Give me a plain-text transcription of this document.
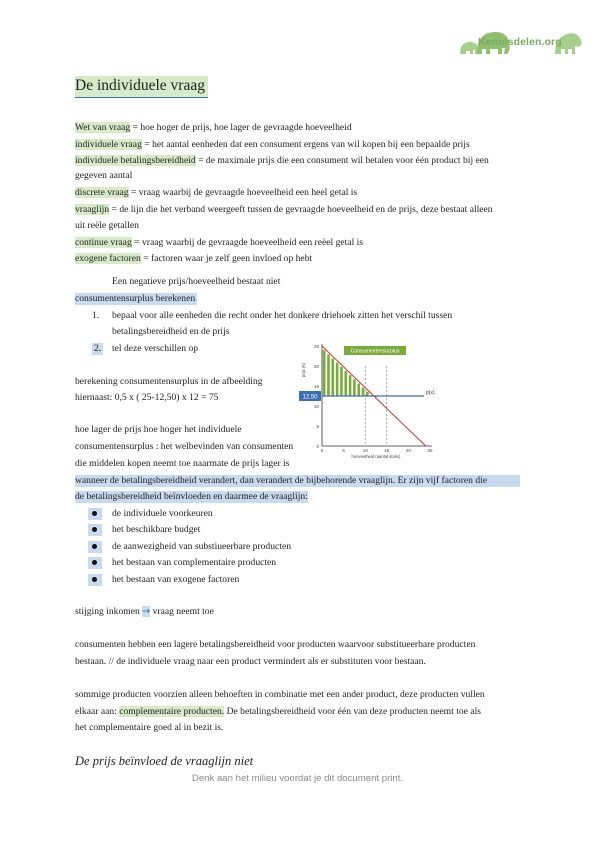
Kennisdelen.org
De individuele vraag
Wet van vraag = hoe hoger de prijs, hoe lager de gevraagde hoeveelheid
individuele vraag = het aantal eenheden dat een consument ergens van wil kopen bij een bepaalde prijs
individuele betalingsbereidheid = de maximale prijs die een consument wil betalen voor één product bij een
gegeven aantal
discrete vraag = vraag waarbij de gevraagde hoeveelheid een heel getal is
vraaglijn = de lijn die het verband weergeeft tussen de gevraagde hoeveelheid en de prijs, deze bestaat alleen
uit reële getallen
continue vraag = vraag waarbij de gevraagde hoeveelheid een reëel getal is
exogene factoren = factoren waar je zelf geen invloed op hebt
Een negatieve prijs/hoeveelheid bestaat niet
consumentensurplus berekenen
1. bepaal voor alle eenheden die recht onder het donkere driehoek zitten het verschil tussen
betalingsbereidheid en de prijs
2. tel deze verschillen op
12,50
p(x)
Consumentensurplus
25
20
15
10
5
0
0	5	10	15	20	25
prijs (€)
hoeveelheid (aantal stuks)
berekening consumentensurplus in de afbeelding
hiernaast: 0,5 x ( 25-12,50) x 12 = 75
hoe lager de prijs hoe hoger het individuele
consumentensurplus : het welbevinden van consumenten
die middelen kopen neemt toe naarmate de prijs lager is
wanneer de betalingsbereidheid verandert, dan verandert de bijbehorende vraaglijn. Er zijn vijf factoren die
de betalingsbereidheid beïnvloeden en daarmee de vraaglijn:
de individuele voorkeuren
het beschikbare budget
de aanwezigheid van substiueerbare producten
het bestaan van complementaire producten
het bestaan van exogene factoren
stijging inkomen → vraag neemt toe
consumenten hebben een lagere betalingsbereidheid voor producten waarvoor substitueerbare producten
bestaan. // de individuele vraag naar een product vermindert als er substituten voor bestaan.
sommige producten voorzien alleen behoeften in combinatie met een ander product, deze producten vullen
elkaar aan: complementaire producten. De betalingsbereidheid voor één van deze producten neemt toe als
het complementaire goed al in bezit is.
De prijs beïnvloed de vraaglijn niet
Denk aan het milieu voordat je dit document print.
